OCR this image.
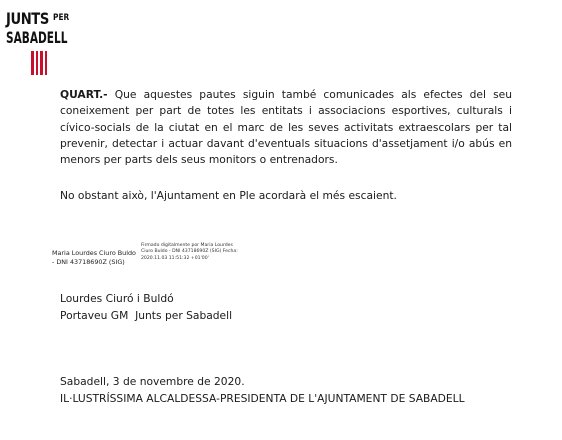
JUNTS $^{PER}$
SABADELL

QUART.- Que aquestes pautes siguin també comunicades als efectes del seu coneixement per part de totes les entitats i associacions esportives, culturals i cívico-socials de la ciutat en el marc de les seves activitats extraescolars per tal prevenir, detectar i actuar davant d'eventuals situacions d'assetjament i/o abús en menors per parts dels seus monitors o entrenadors.

No obstant això, l'Ajuntament en Ple acordarà el més escaient.

Maria Lourdes Ciuro Buldo - DNI 43718690Z (SIG)
Firmado digitalmente por Maria Lourdes Ciuro Buldo - DNI 43718690Z (SIG) Fecha: 2020.11.03 11:51:32 +01'00'
Lourdes Ciuró i Buldó
Portaveu GM  Junts per Sabadell
Sabadell, 3 de novembre de 2020.
IL·LUSTRÍSSIMA ALCALDESSA-PRESIDENTA DE L'AJUNTAMENT DE SABADELL
